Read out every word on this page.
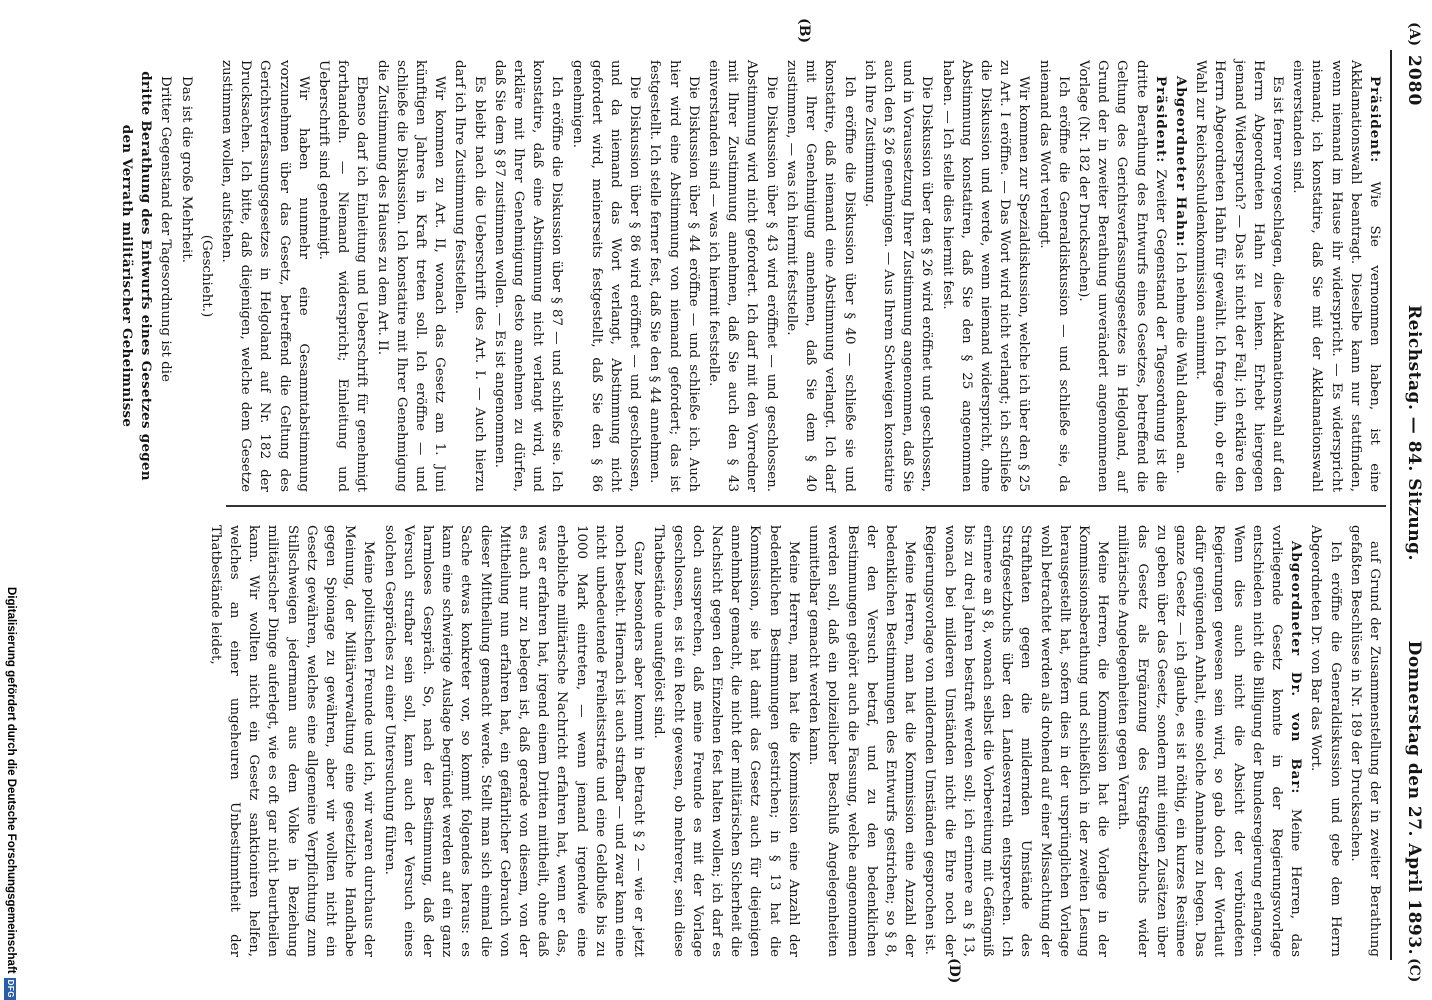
2080
Reichstag. — 84. Sitzung.
Donnerstag den 27. April 1893.
(A)
(B)
(C)
(D)

Präsident: Wie Sie vernommen haben, ist eine Akklamationswahl beantragt. Dieselbe kann nur stattfinden, wenn niemand im Hause ihr widerspricht. — Es widerspricht niemand; ich konstatire, daß Sie mit der Akklamationswahl einverstanden sind.

Es ist ferner vorgeschlagen, diese Akklamationswahl auf den Herrn Abgeordneten Hahn zu lenken. Erhebt hiergegen jemand Widerspruch? — Das ist nicht der Fall; ich erkläre den Herrn Abgeordneten Hahn für gewählt. Ich frage ihn, ob er die Wahl zur Reichsschuldenkommission annimmt.

Abgeordneter Hahn: Ich nehme die Wahl dankend an.

Präsident: Zweiter Gegenstand der Tagesordnung ist die dritte Berathung des Entwurfs eines Gesetzes, betreffend die Geltung des Gerichtsverfassungsgesetzes in Helgoland, auf Grund der in zweiter Berathung unverändert angenommenen Vorlage (Nr. 182 der Drucksachen).

Ich eröffne die Generaldiskussion — und schließe sie, da niemand das Wort verlangt.

Wir kommen zur Spezialdiskussion, welche ich über den § 25 zu Art. I eröffne. — Das Wort wird nicht verlangt; ich schließe die Diskussion und werde, wenn niemand widerspricht, ohne Abstimmung konstatiren, daß Sie den § 25 angenommen haben. — Ich stelle dies hiermit fest.

Die Diskussion über den § 26 wird eröffnet und geschlossen, und in Voraussetzung Ihrer Zustimmung angenommen, daß Sie auch den § 26 genehmigen. — Aus Ihrem Schweigen konstatire ich Ihre Zustimmung.

Ich eröffne die Diskussion über § 40 — schließe sie und konstatire, daß niemand eine Abstimmung verlangt. Ich darf mit Ihrer Genehmigung annehmen, daß Sie dem § 40 zustimmen, — was ich hiermit feststelle.

Die Diskussion über § 43 wird eröffnet — und geschlossen. Abstimmung wird nicht gefordert. Ich darf mit den Vorredner mit Ihrer Zustimmung annehmen, daß Sie auch den § 43 einverstanden sind — was ich hiermit feststelle.

Die Diskussion über § 44 eröffne — und schließe ich. Auch hier wird eine Abstimmung von niemand gefordert; das ist festgestellt. Ich stelle ferner fest, daß Sie den § 44 annehmen.

Die Diskussion über § 86 wird eröffnet — und geschlossen, und da niemand das Wort verlangt, Abstimmung nicht gefordert wird, meinerseits festgestellt, daß Sie den § 86 genehmigen.

Ich eröffne die Diskussion über § 87 — und schließe sie. Ich konstatire, daß eine Abstimmung nicht verlangt wird, und erkläre mit Ihrer Genehmigung desto annehmen zu dürfen, daß Sie dem § 87 zustimmen wollen. — Es ist angenommen.

Es bleibt nach die Ueberschrift des Art. I. — Auch hierzu darf ich Ihre Zustimmung feststellen.

Wir kommen zu Art. II, wonach das Gesetz am 1. Juni künftigen Jahres in Kraft treten soll. Ich eröffne — und schließe die Diskussion. Ich konstatire mit Ihrer Genehmigung die Zustimmung des Hauses zu dem Art. II.

Ebenso darf ich Einleitung und Ueberschrift für genehmigt forthandeln. — Niemand widerspricht; Einleitung und Ueberschrift sind genehmigt.

Wir haben nunmehr eine Gesammtabstimmung vorzunehmen über das Gesetz, betreffend die Geltung des Gerichtsverfassungsgesetzes in Helgoland auf Nr. 182 der Drucksachen. Ich bitte, daß diejenigen, welche dem Gesetze zustimmen wollen, aufstehen.

(Geschieht.)

Das ist die große Mehrheit.

Dritter Gegenstand der Tagesordnung ist die

dritte Berathung des Entwurfs eines Gesetzes gegen den Verrath militärischer Geheimnisse

auf Grund der Zusammenstellung der in zweiter Berathung gefaßten Beschlüsse in Nr. 189 der Drucksachen.

Ich eröffne die Generaldiskussion und gebe dem Herrn Abgeordneten Dr. von Bar das Wort.

Abgeordneter Dr. von Bar: Meine Herren, das vorliegende Gesetz konnte in der Regierungsvorlage entschieden nicht die Billigung der Bundesregierung erlangen. Wenn dies auch nicht die Absicht der verbündeten Regierungen gewesen sein wird, so gab doch der Wortlaut dafür genügenden Anhalt, eine solche Annahme zu hegen. Das ganze Gesetz — ich glaube, es ist nöthig, ein kurzes Resümee zu geben über das Gesetz, sondern mit einigen Zusätzen über das Gesetz als Ergänzung des Strafgesetzbuchs wider militärische Angelegenheiten gegen Verrath.

Meine Herren, die Kommission hat die Vorlage in der Kommissionsberathung und schließlich in der zweiten Lesung herausgestellt hat, sofern dies in der ursprünglichen Vorlage wohl betrachtet werden als drohend auf einer Missachtung der Strafthaten gegen die mildernden Umstände des Strafgesetzbuchs über den Landesverrath entsprechen. Ich erinnere an § 8, wonach selbst die Vorbereitung mit Gefängniß bis zu drei Jahren bestraft werden soll; ich erinnere an § 13, wonach bei milderen Umständen nicht die Ehre noch der Regierungsvorlage von mildernden Umständen gesprochen ist.

Meine Herren, man hat die Kommission eine Anzahl der bedenklichen Bestimmungen des Entwurfs gestrichen; so § 8, der den Versuch betraf, und zu den bedenklichen Bestimmungen gehört auch die Fassung, welche angenommen werden soll, daß ein polizeilicher Beschluß Angelegenheiten unmittelbar gemacht werden kann.

Meine Herren, man hat die Kommission eine Anzahl der bedenklichen Bestimmungen gestrichen; in § 13 hat die Kommission, sie hat damit das Gesetz auch für diejenigen annehmbar gemacht, die nicht der militärischen Sicherheit die Nachsicht gegen den Einzelnen fest halten wollen; ich darf es doch aussprechen, daß meine Freunde es mit der Vorlage geschlossen, es ist ein Recht gewesen, ob mehrerer, sein diese Thatbestände unaufgelöst sind.

Ganz besonders aber kommt in Betracht § 2 — wie er jetzt noch besteht. Hiernach ist auch strafbar — und zwar kann eine nicht unbedeutende Freiheitsstrafe und eine Geldbuße bis zu 1000 Mark eintreten, — wenn jemand irgendwie eine erhebliche militärische Nachricht erfahren hat, wenn er das, was er erfahren hat, irgend einem Dritten mittheilt, ohne daß es auch nur zu belegen ist, daß gerade von diesem, von der Mittheilung nun erfahren hat, ein gefährlicher Gebrauch von dieser Mittheilung gemacht werde. Stellt man sich einmal die Sache etwas konkreter vor, so kommt folgendes heraus: es kann eine schwierige Auslage begründet werden auf ein ganz harmloses Gespräch. So, nach der Bestimmung, daß der Versuch strafbar sein soll, kann auch der Versuch eines solchen Gespräches zu einer Untersuchung führen.

Meine politischen Freunde und ich, wir waren durchaus der Meinung, der Militärverwaltung eine gesetzliche Handhabe gegen Spionage zu gewähren, aber wir wollten nicht ein Gesetz gewähren, welches eine allgemeine Verpflichtung zum Stillschweigen jedermann aus dem Volke in Beziehung militärischer Dinge auferlegt, wie es oft gar nicht beurtheilen kann. Wir wollten nicht ein Gesetz sanktioniren helfen, welches an einer ungeheuren Unbestimmtheit der Thatbestände leidet,

Digitalisierung gefördert durch die Deutsche Forschungsgemeinschaft
DFG
